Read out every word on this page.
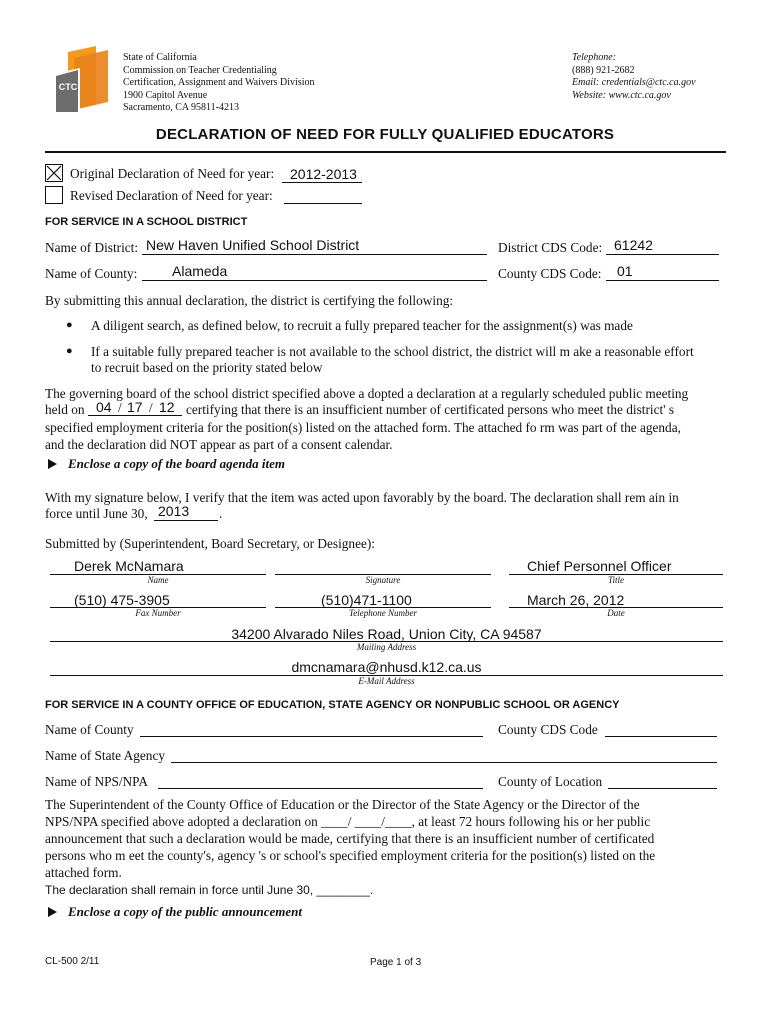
CTC
State of California
Commission on Teacher Credentialing
Certification, Assignment and Waivers Division
1900 Capitol Avenue
Sacramento, CA 95811-4213
Telephone:
(888) 921-2682
Email: credentials@ctc.ca.gov
Website: www.ctc.ca.gov
DECLARATION OF NEED FOR FULLY QUALIFIED EDUCATORS
Original Declaration of Need for year: 2012-2013
Revised Declaration of Need for year:
FOR SERVICE IN A SCHOOL DISTRICT
Name of District: New Haven Unified School District	District CDS Code: 61242
Name of County: Alameda	County CDS Code: 01
By submitting this annual declaration, the district is certifying the following:
● A diligent search, as defined below, to recruit a fully prepared teacher for the assignment(s) was made
● If a suitable fully prepared teacher is not available to the school district, the district will m ake a reasonable effort
to recruit based on the priority stated below
The governing board of the school district specified above a dopted a declaration at a regularly scheduled public meeting
held on 04 / 17 / 12 certifying that there is an insufficient number of certificated persons who meet the district' s
specified employment criteria for the position(s) listed on the attached form. The attached fo rm was part of the agenda,
and the declaration did NOT appear as part of a consent calendar.
Enclose a copy of the board agenda item
With my signature below, I verify that the item was acted upon favorably by the board. The declaration shall rem ain in
force until June 30, 2013 .
Submitted by (Superintendent, Board Secretary, or Designee):
Derek McNamara
Name	Signature
Chief Personnel Officer
Title
(510) 475-3905
Fax Number
(510)471-1100
Telephone Number
March 26, 2012
Date
34200 Alvarado Niles Road, Union City, CA 94587
Mailing Address
dmcnamara@nhusd.k12.ca.us
E-Mail Address
FOR SERVICE IN A COUNTY OFFICE OF EDUCATION, STATE AGENCY OR NONPUBLIC SCHOOL OR AGENCY
Name of County	County CDS Code
Name of State Agency
Name of NPS/NPA	County of Location
The Superintendent of the County Office of Education or the Director of the State Agency or the Director of the
NPS/NPA specified above adopted a declaration on ____/ ____/____, at least 72 hours following his or her public
announcement that such a declaration would be made, certifying that there is an insufficient number of certificated
persons who m eet the county's, agency 's or school's specified employment criteria for the position(s) listed on the
attached form.
The declaration shall remain in force until June 30, ________.
Enclose a copy of the public announcement
CL-500 2/11	Page 1 of 3
